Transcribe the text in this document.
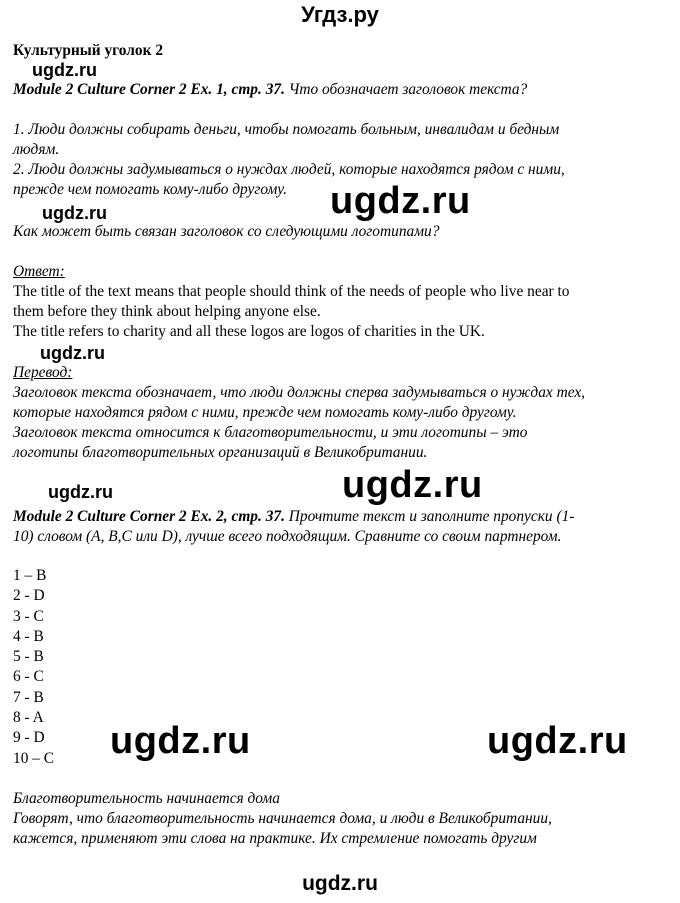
Угдз.ру
Культурный уголок 2
ugdz.ru
Module 2 Culture Corner 2 Ex. 1, стр. 37. Что обозначает заголовок текста?
1. Люди должны собирать деньги, чтобы помогать больным, инвалидам и бедным
людям.
2. Люди должны задумываться о нуждах людей, которые находятся рядом с ними,
прежде чем помогать кому-либо другому.
ugdz.ru	ugdz.ru
Как может быть связан заголовок со следующими логотипами?
Ответ:
The title of the text means that people should think of the needs of people who live near to
them before they think about helping anyone else.
The title refers to charity and all these logos are logos of charities in the UK.
ugdz.ru
Перевод:
Заголовок текста обозначает, что люди должны сперва задумываться о нуждах тех,
которые находятся рядом с ними, прежде чем помогать кому-либо другому.
Заголовок текста относится к благотворительности, и эти логотипы – это
логотипы благотворительных организаций в Великобритании.
ugdz.ru	ugdz.ru
Module 2 Culture Corner 2 Ex. 2, стр. 37. Прочтите текст и заполните пропуски (1-
10) словом (A, B,C или D), лучше всего подходящим. Сравните со своим партнером.
1 – B
2 - D
3 - C
4 - B
5 - B
6 - C
7 - B
8 - A
9 - D
10 – C	ugdz.ru	ugdz.ru
Благотворительность начинается дома
Говорят, что благотворительность начинается дома, и люди в Великобритании,
кажется, применяют эти слова на практике. Их стремление помогать другим
ugdz.ru
